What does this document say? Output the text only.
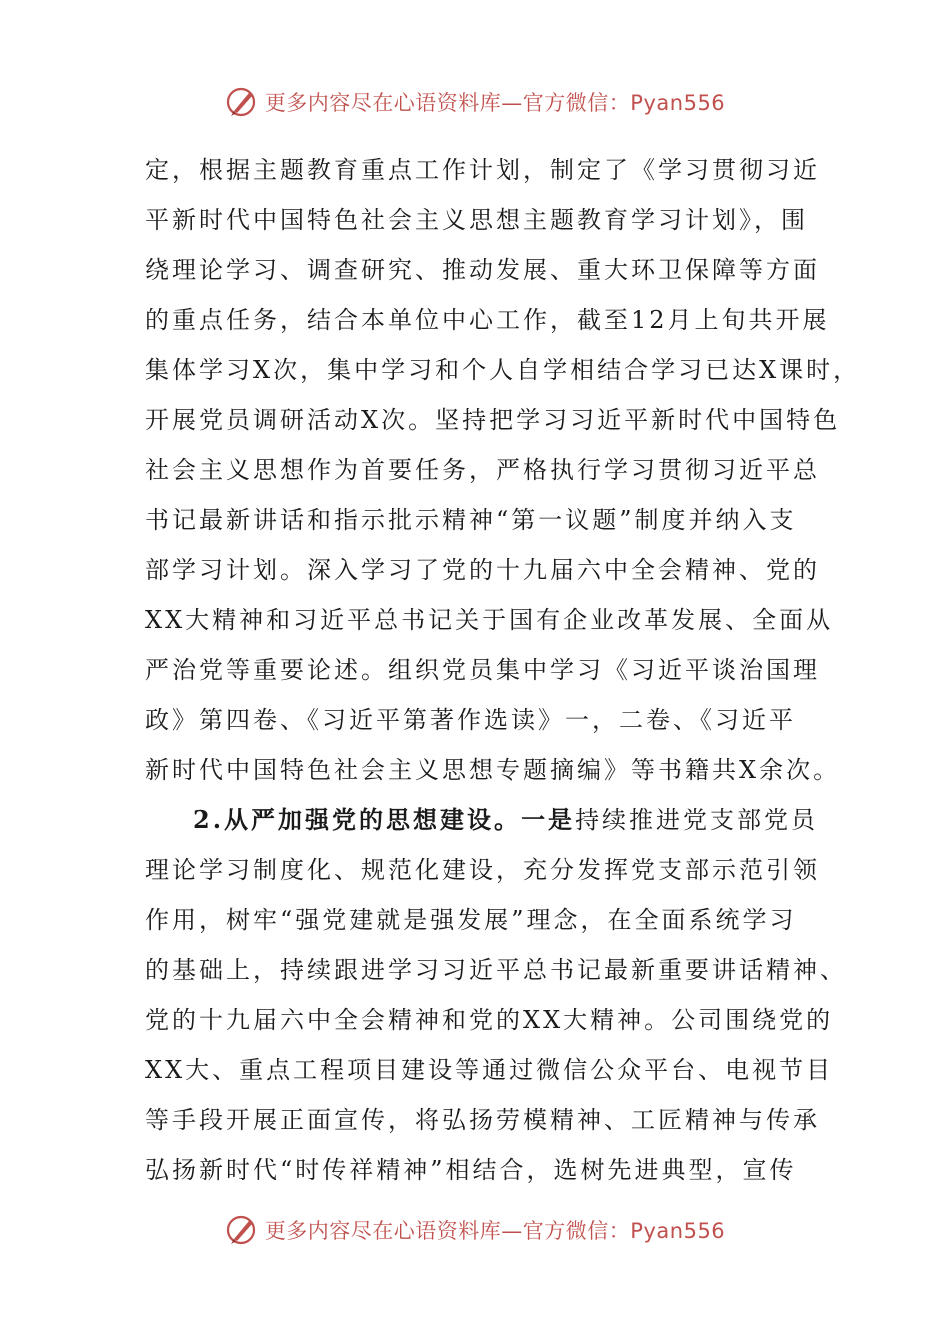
更多内容尽在心语资料库—官方微信：Pyan556
定，根据主题教育重点工作计划，制定了《学习贯彻习近
平新时代中国特色社会主义思想主题教育学习计划》，围
绕理论学习、调查研究、推动发展、重大环卫保障等方面
的重点任务，结合本单位中心工作，截至12月上旬共开展
集体学习X次，集中学习和个人自学相结合学习已达X课时，
开展党员调研活动X次。坚持把学习习近平新时代中国特色
社会主义思想作为首要任务，严格执行学习贯彻习近平总
书记最新讲话和指示批示精神“第一议题”制度并纳入支
部学习计划。深入学习了党的十九届六中全会精神、党的
XX大精神和习近平总书记关于国有企业改革发展、全面从
严治党等重要论述。组织党员集中学习《习近平谈治国理
政》第四卷、《习近平第著作选读》一，二卷、《习近平
新时代中国特色社会主义思想专题摘编》等书籍共X余次。
2.从严加强党的思想建设。一是持续推进党支部党员
理论学习制度化、规范化建设，充分发挥党支部示范引领
作用，树牢“强党建就是强发展”理念，在全面系统学习
的基础上，持续跟进学习习近平总书记最新重要讲话精神、
党的十九届六中全会精神和党的XX大精神。公司围绕党的
XX大、重点工程项目建设等通过微信公众平台、电视节目
等手段开展正面宣传，将弘扬劳模精神、工匠精神与传承
弘扬新时代“时传祥精神”相结合，选树先进典型，宣传
更多内容尽在心语资料库—官方微信：Pyan556
